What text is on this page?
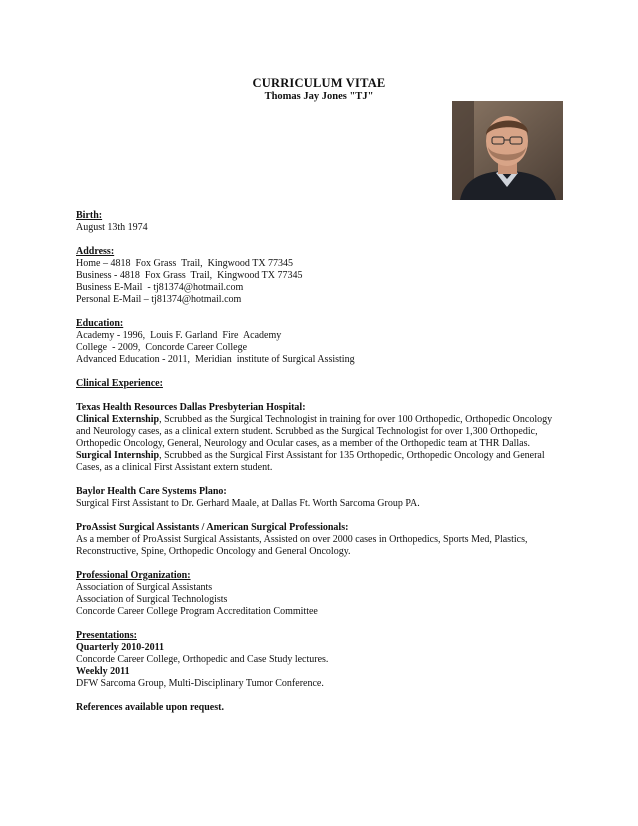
CURRICULUM VITAE
Thomas Jay Jones "TJ"
Birth:
August 13th 1974
Address:
Home – 4818  Fox Grass  Trail,  Kingwood TX 77345
Business - 4818  Fox Grass  Trail,  Kingwood TX 77345
Business E-Mail  - tj81374@hotmail.com
Personal E-Mail – tj81374@hotmail.com
Education:
Academy - 1996,  Louis F. Garland  Fire  Academy
College  - 2009,  Concorde Career College
Advanced Education - 2011,  Meridian  institute of Surgical Assisting
Clinical Experience:
Texas Health Resources Dallas Presbyterian Hospital:

Clinical Externship, Scrubbed as the Surgical Technologist in training for over 100 Orthopedic, Orthopedic Oncology and Neurology cases, as a clinical extern student. Scrubbed as the Surgical Technologist for over 1,300 Orthopedic, Orthopedic Oncology, General, Neurology and Ocular cases, as a member of the Orthopedic team at THR Dallas.

Surgical Internship, Scrubbed as the Surgical First Assistant for 135 Orthopedic, Orthopedic Oncology and General Cases, as a clinical First Assistant extern student.

Baylor Health Care Systems Plano:
Surgical First Assistant to Dr. Gerhard Maale, at Dallas Ft. Worth Sarcoma Group PA.
ProAssist Surgical Assistants / American Surgical Professionals:

As a member of ProAssist Surgical Assistants, Assisted on over 2000 cases in Orthopedics, Sports Med, Plastics, Reconstructive, Spine, Orthopedic Oncology and General Oncology.

Professional Organization:
Association of Surgical Assistants
Association of Surgical Technologists
Concorde Career College Program Accreditation Committee
Presentations:
Quarterly 2010-2011
Concorde Career College, Orthopedic and Case Study lectures.
Weekly 2011
DFW Sarcoma Group, Multi-Disciplinary Tumor Conference.
References available upon request.
